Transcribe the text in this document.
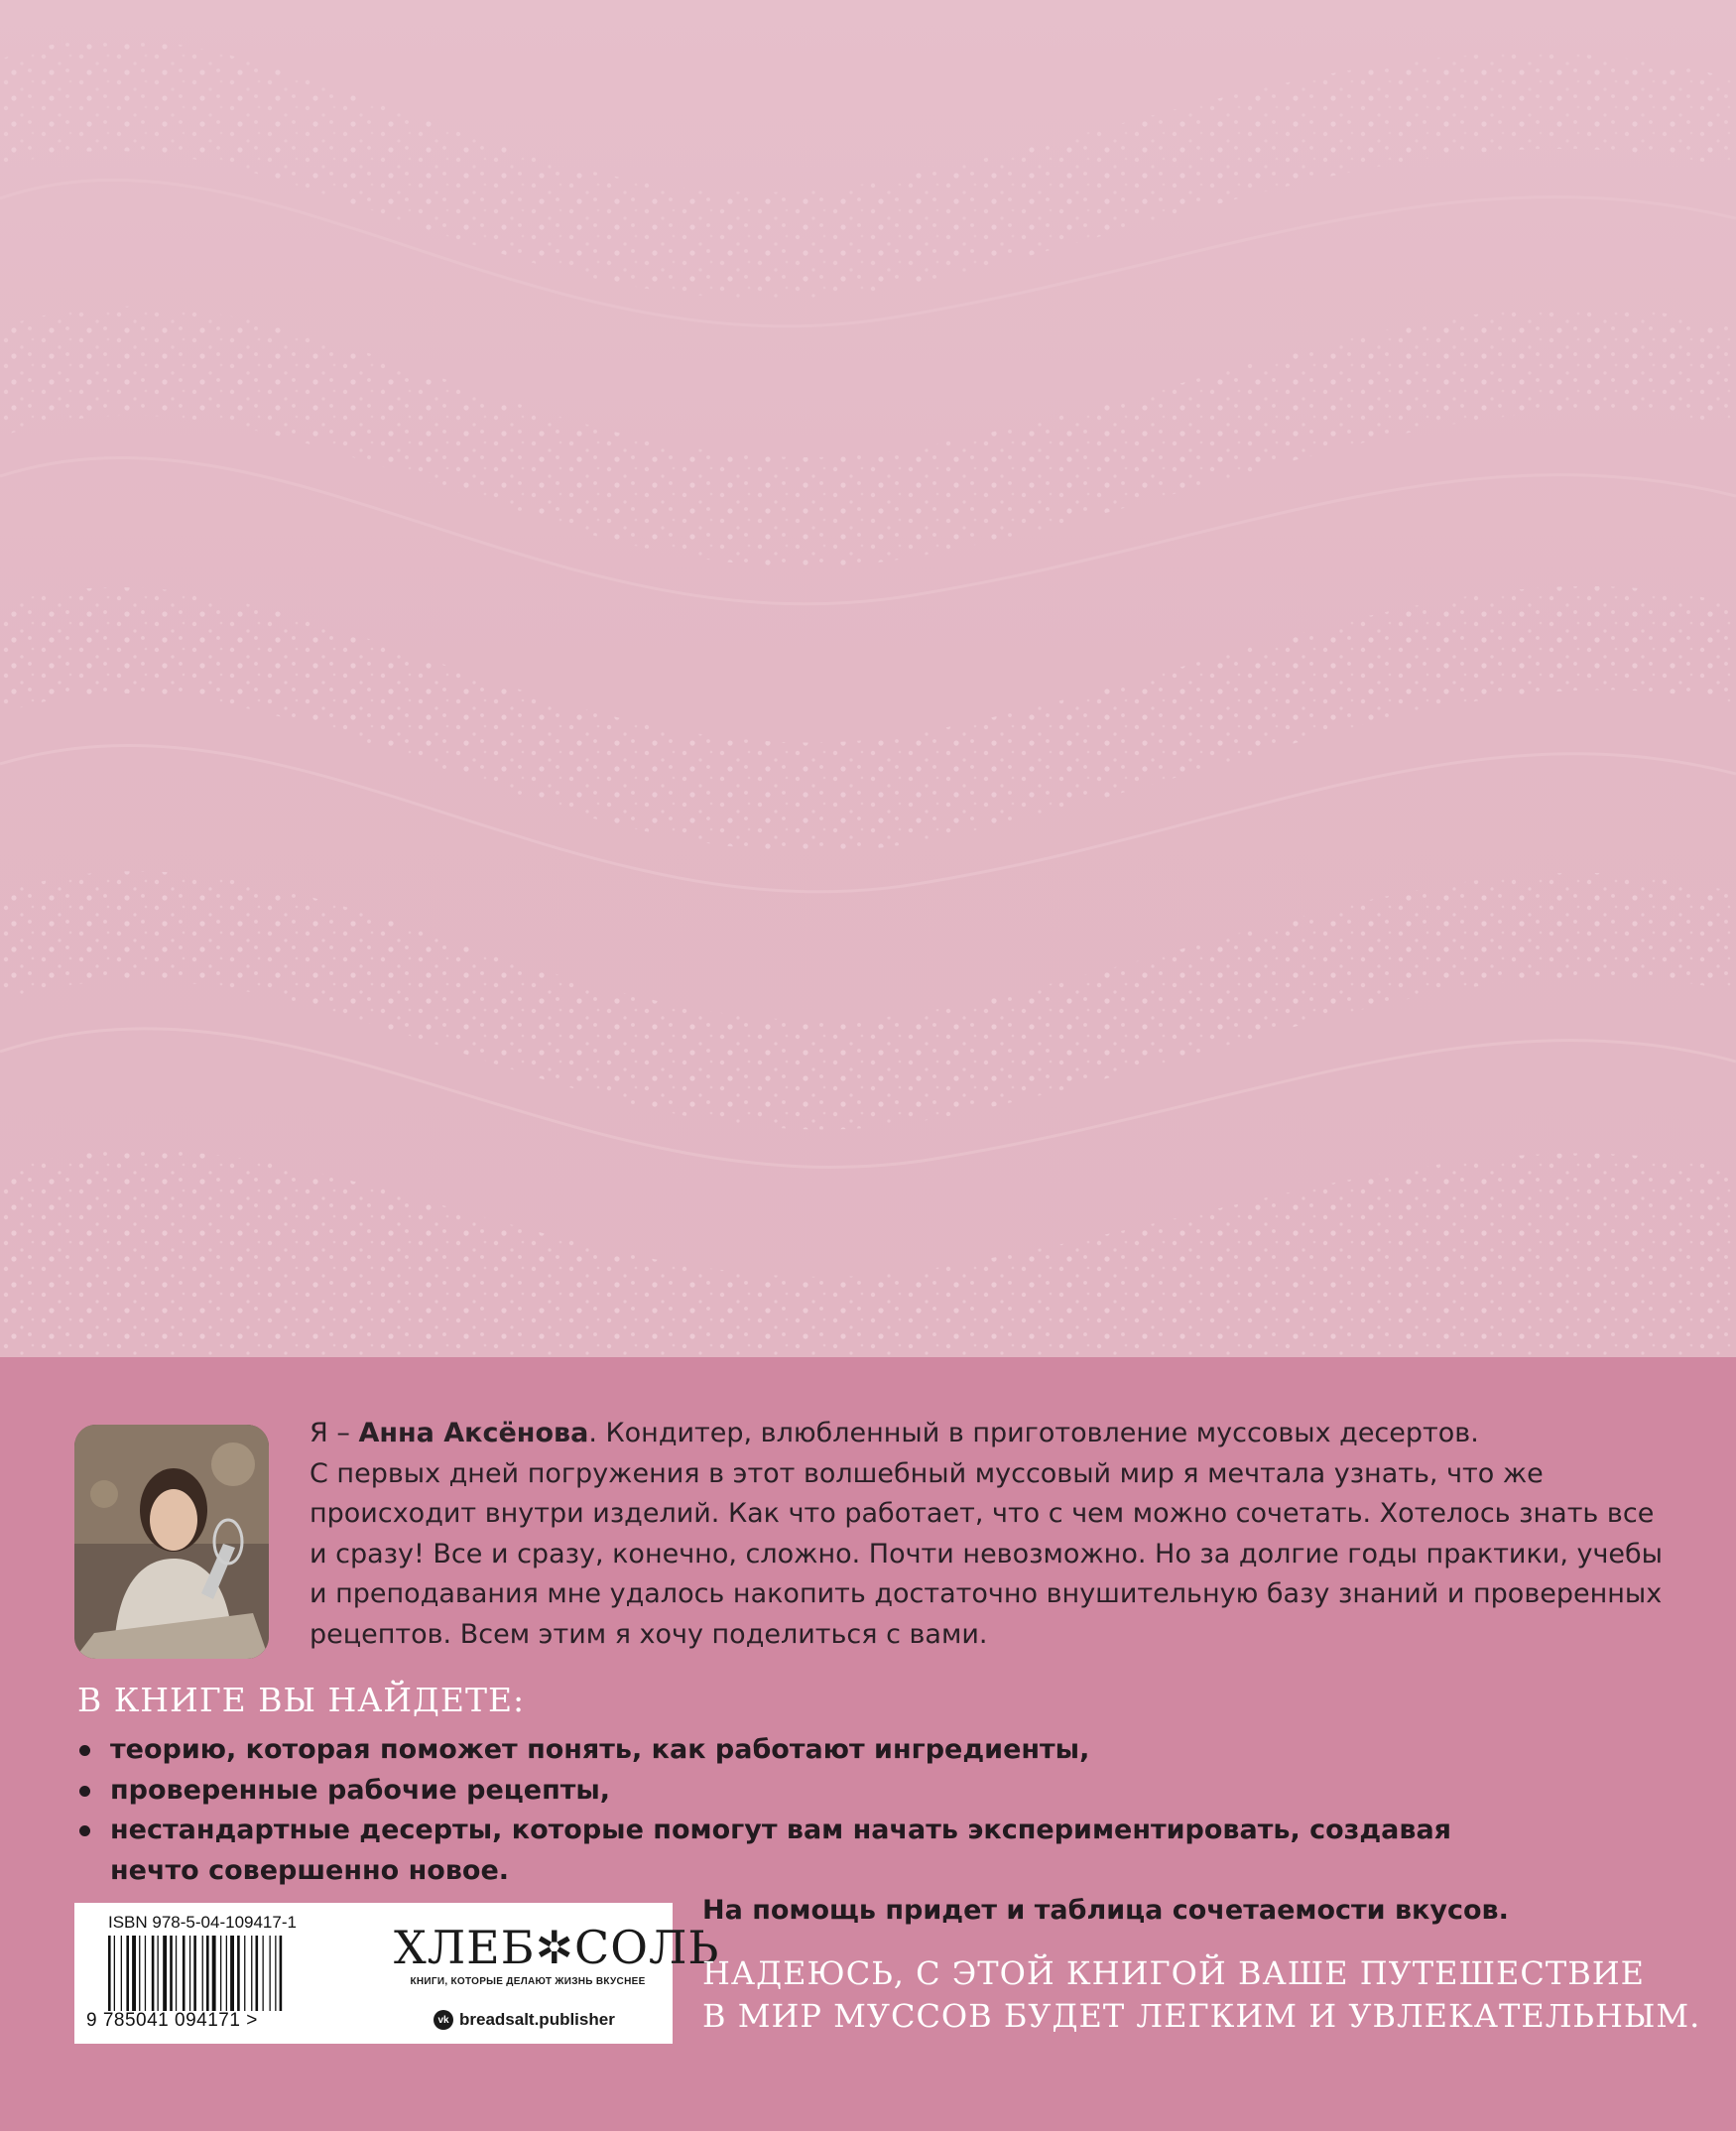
Я – Анна Аксёнова. Кондитер, влюбленный в приготовление муссовых десертов.

С первых дней погружения в этот волшебный муссовый мир я мечтала узнать, что же происходит внутри изделий. Как что работает, что с чем можно сочетать. Хотелось знать все и сразу! Все и сразу, конечно, сложно. Почти невозможно. Но за долгие годы практики, учебы и преподавания мне удалось накопить достаточно внушительную базу знаний и проверенных рецептов. Всем этим я хочу поделиться с вами.

В КНИГЕ ВЫ НАЙДЕТЕ:
теорию, которая поможет понять, как работают ингредиенты,
проверенные рабочие рецепты,
нестандартные десерты, которые помогут вам начать экспериментировать, создавая нечто совершенно новое.
ISBN 978-5-04-109417-1
9 785041 094171 >
ХЛЕБ✲СОЛЬ
КНИГИ, КОТОРЫЕ ДЕЛАЮТ ЖИЗНЬ ВКУСНЕЕ
vk breadsalt.publisher
На помощь придет и таблица сочетаемости вкусов.

НАДЕЮСЬ, С ЭТОЙ КНИГОЙ ВАШЕ ПУТЕШЕСТВИЕ

В МИР МУССОВ БУДЕТ ЛЕГКИМ И УВЛЕКАТЕЛЬНЫМ.
